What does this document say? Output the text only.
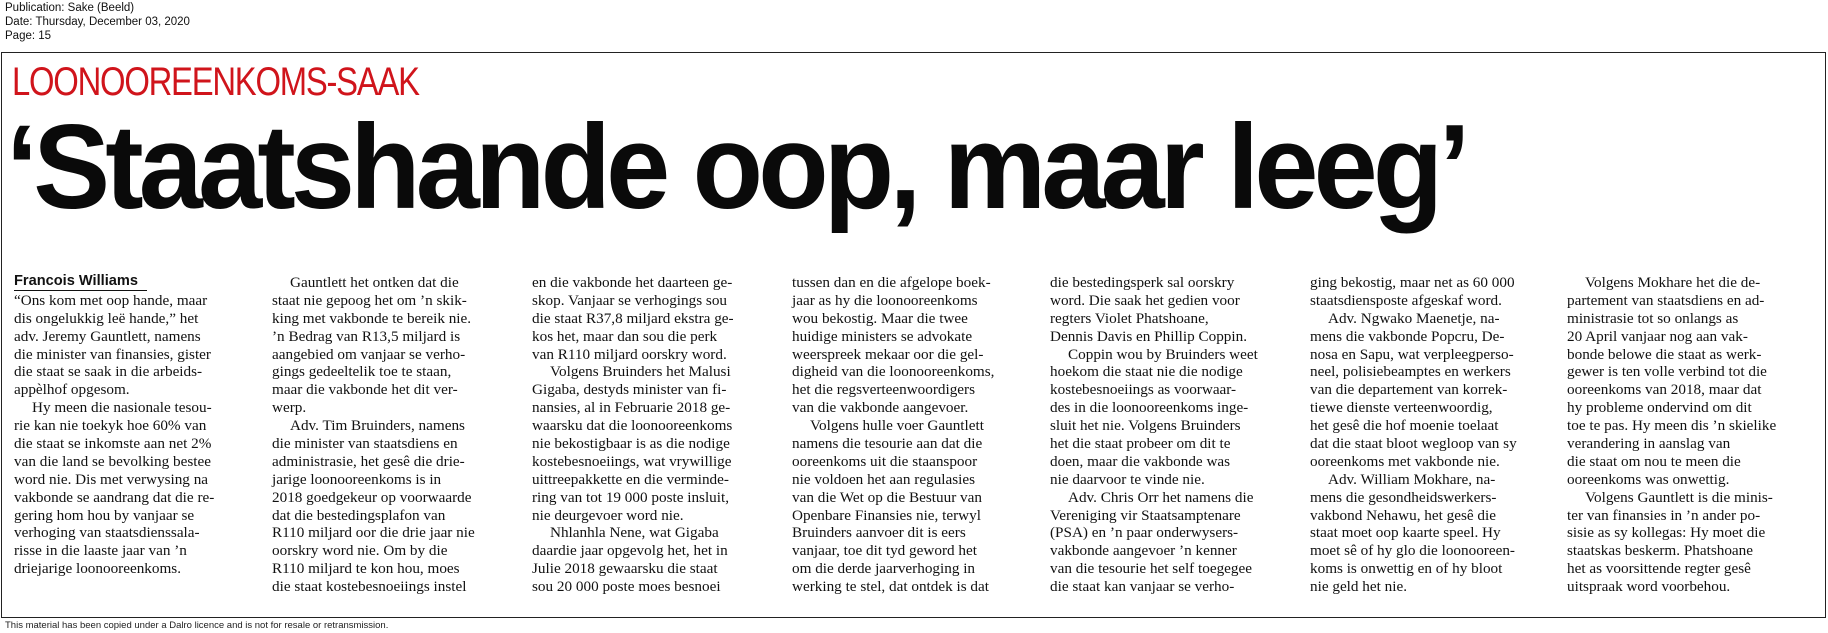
Publication: Sake (Beeld)
Date: Thursday, December 03, 2020
Page: 15
LOONOOREENKOMS-SAAK
‘Staatshande oop, maar leeg’
Francois Williams
“Ons kom met oop hande, maar
dis ongelukkig leë hande,” het
adv. Jeremy Gauntlett, namens
die minister van finansies, gister
die staat se saak in die arbeids-
appèlhof opgesom.
Hy meen die nasionale tesou-
rie kan nie toekyk hoe 60% van
die staat se inkomste aan net 2%
van die land se bevolking bestee
word nie. Dis met verwysing na
vakbonde se aandrang dat die re-
gering hom hou by vanjaar se
verhoging van staatsdienssala-
risse in die laaste jaar van ’n
driejarige loonooreenkoms.
Gauntlett het ontken dat die
staat nie gepoog het om ’n skik-
king met vakbonde te bereik nie.
’n Bedrag van R13,5 miljard is
aangebied om vanjaar se verho-
gings gedeeltelik toe te staan,
maar die vakbonde het dit ver-
werp.
Adv. Tim Bruinders, namens
die minister van staatsdiens en
administrasie, het gesê die drie-
jarige loonooreenkoms is in
2018 goedgekeur op voorwaarde
dat die bestedingsplafon van
R110 miljard oor die drie jaar nie
oorskry word nie. Om by die
R110 miljard te kon hou, moes
die staat kostebesnoeiings instel
en die vakbonde het daarteen ge-
skop. Vanjaar se verhogings sou
die staat R37,8 miljard ekstra ge-
kos het, maar dan sou die perk
van R110 miljard oorskry word.
Volgens Bruinders het Malusi
Gigaba, destyds minister van fi-
nansies, al in Februarie 2018 ge-
waarsku dat die loonooreenkoms
nie bekostigbaar is as die nodige
kostebesnoeiings, wat vrywillige
uittreepakkette en die verminde-
ring van tot 19 000 poste insluit,
nie deurgevoer word nie.
Nhlanhla Nene, wat Gigaba
daardie jaar opgevolg het, het in
Julie 2018 gewaarsku die staat
sou 20 000 poste moes besnoei
tussen dan en die afgelope boek-
jaar as hy die loonooreenkoms
wou bekostig. Maar die twee
huidige ministers se advokate
weerspreek mekaar oor die gel-
digheid van die loonooreenkoms,
het die regsverteenwoordigers
van die vakbonde aangevoer.
Volgens hulle voer Gauntlett
namens die tesourie aan dat die
ooreenkoms uit die staanspoor
nie voldoen het aan regulasies
van die Wet op die Bestuur van
Openbare Finansies nie, terwyl
Bruinders aanvoer dit is eers
vanjaar, toe dit tyd geword het
om die derde jaarverhoging in
werking te stel, dat ontdek is dat
die bestedingsperk sal oorskry
word. Die saak het gedien voor
regters Violet Phatshoane,
Dennis Davis en Phillip Coppin.
Coppin wou by Bruinders weet
hoekom die staat nie die nodige
kostebesnoeiings as voorwaar-
des in die loonooreenkoms inge-
sluit het nie. Volgens Bruinders
het die staat probeer om dit te
doen, maar die vakbonde was
nie daarvoor te vinde nie.
Adv. Chris Orr het namens die
Vereniging vir Staatsamptenare
(PSA) en ’n paar onderwysers-
vakbonde aangevoer ’n kenner
van die tesourie het self toegegee
die staat kan vanjaar se verho-
ging bekostig, maar net as 60 000
staatsdiensposte afgeskaf word.
Adv. Ngwako Maenetje, na-
mens die vakbonde Popcru, De-
nosa en Sapu, wat verpleegperso-
neel, polisiebeamptes en werkers
van die departement van korrek-
tiewe dienste verteenwoordig,
het gesê die hof moenie toelaat
dat die staat bloot wegloop van sy
ooreenkoms met vakbonde nie.
Adv. William Mokhare, na-
mens die gesondheidswerkers-
vakbond Nehawu, het gesê die
staat moet oop kaarte speel. Hy
moet sê of hy glo die loonooreen-
koms is onwettig en of hy bloot
nie geld het nie.
Volgens Mokhare het die de-
partement van staatsdiens en ad-
ministrasie tot so onlangs as
20 April vanjaar nog aan vak-
bonde belowe die staat as werk-
gewer is ten volle verbind tot die
ooreenkoms van 2018, maar dat
hy probleme ondervind om dit
toe te pas. Hy meen dis ’n skielike
verandering in aanslag van
die staat om nou te meen die
ooreenkoms was onwettig.
Volgens Gauntlett is die minis-
ter van finansies in ’n ander po-
sisie as sy kollegas: Hy moet die
staatskas beskerm. Phatshoane
het as voorsittende regter gesê
uitspraak word voorbehou.
This material has been copied under a Dalro licence and is not for resale or retransmission.
